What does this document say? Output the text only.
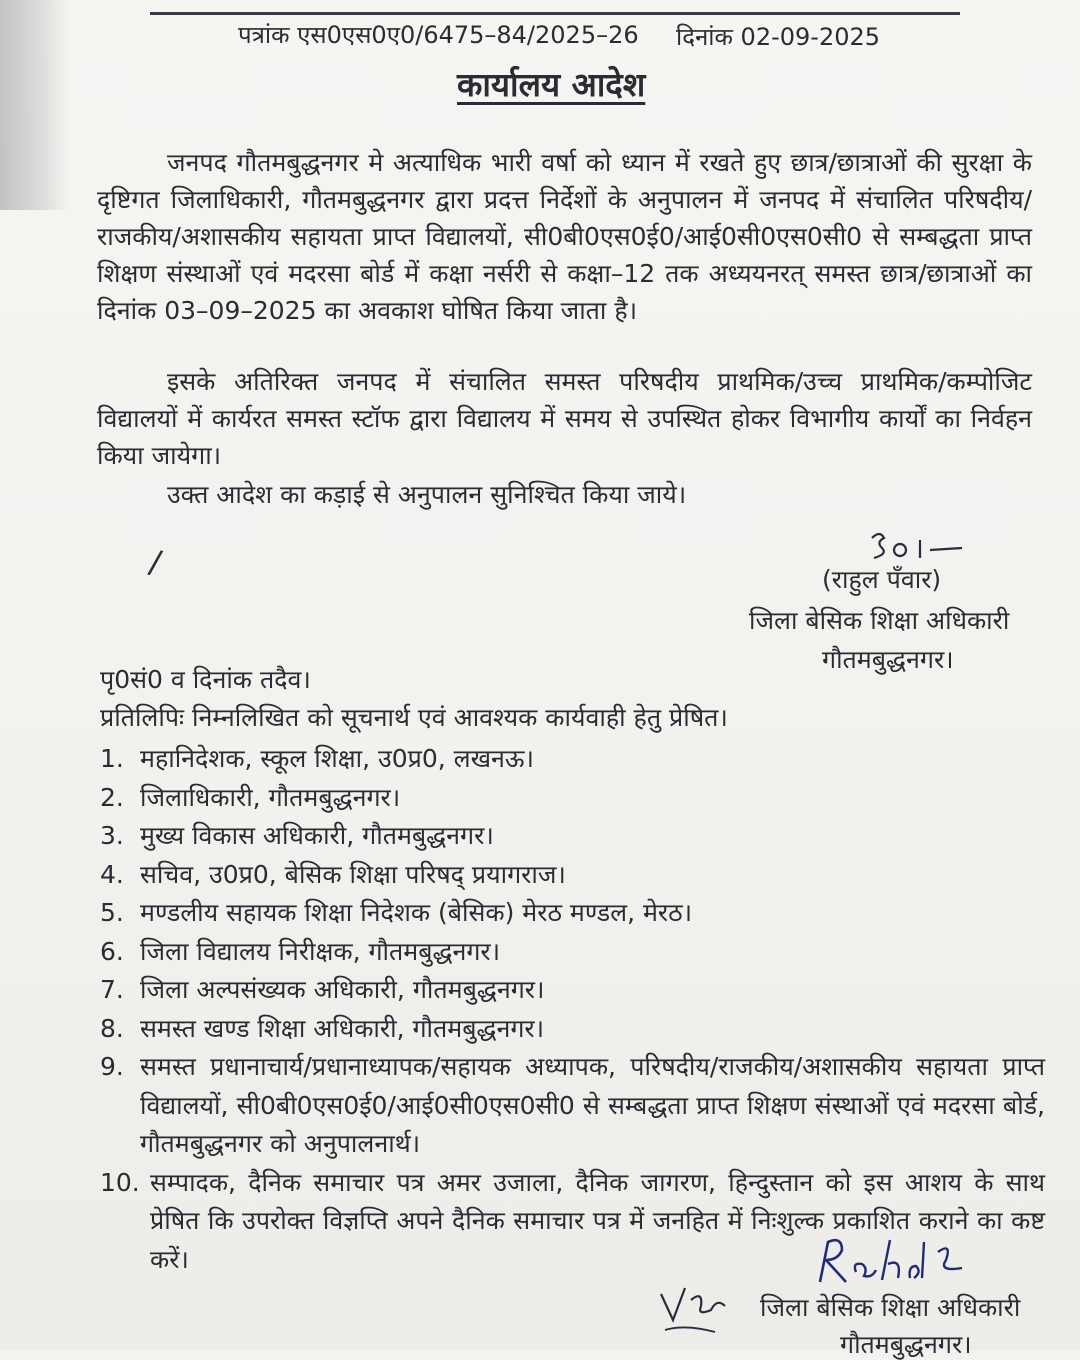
पत्रांक एस0एस0ए0/6475–84/2025–26 दिनांक 02-09-2025
कार्यालय आदेश
जनपद गौतमबुद्धनगर मे अत्याधिक भारी वर्षा को ध्यान में रखते हुए छात्र/छात्राओं की सुरक्षा के दृष्टिगत जिलाधिकारी, गौतमबुद्धनगर द्वारा प्रदत्त निर्देशों के अनुपालन में जनपद में संचालित परिषदीय/राजकीय/अशासकीय सहायता प्राप्त विद्यालयों, सी0बी0एस0ई0/आई0सी0एस0सी0 से सम्बद्धता प्राप्त शिक्षण संस्थाओं एवं मदरसा बोर्ड में कक्षा नर्सरी से कक्षा–12 तक अध्ययनरत् समस्त छात्र/छात्राओं का दिनांक 03–09–2025 का अवकाश घोषित किया जाता है।
इसके अतिरिक्त जनपद में संचालित समस्त परिषदीय प्राथमिक/उच्च प्राथमिक/कम्पोजिट विद्यालयों में कार्यरत समस्त स्टॉफ द्वारा विद्यालय में समय से उपस्थित होकर विभागीय कार्यों का निर्वहन किया जायेगा।
उक्त आदेश का कड़ाई से अनुपालन सुनिश्चित किया जाये।
/	(राहुल पँवार)
जिला बेसिक शिक्षा अधिकारी
गौतमबुद्धनगर।
पृ0सं0 व दिनांक तदैव।
प्रतिलिपिः निम्नलिखित को सूचनार्थ एवं आवश्यक कार्यवाही हेतु प्रेषित।
1. महानिदेशक, स्कूल शिक्षा, उ0प्र0, लखनऊ।
2. जिलाधिकारी, गौतमबुद्धनगर।
3. मुख्य विकास अधिकारी, गौतमबुद्धनगर।
4. सचिव, उ0प्र0, बेसिक शिक्षा परिषद् प्रयागराज।
5. मण्डलीय सहायक शिक्षा निदेशक (बेसिक) मेरठ मण्डल, मेरठ।
6. जिला विद्यालय निरीक्षक, गौतमबुद्धनगर।
7. जिला अल्पसंख्यक अधिकारी, गौतमबुद्धनगर।
8. समस्त खण्ड शिक्षा अधिकारी, गौतमबुद्धनगर।
9. समस्त प्रधानाचार्य/प्रधानाध्यापक/सहायक अध्यापक, परिषदीय/राजकीय/अशासकीय सहायता प्राप्त विद्यालयों, सी0बी0एस0ई0/आई0सी0एस0सी0 से सम्बद्धता प्राप्त शिक्षण संस्थाओं एवं मदरसा बोर्ड, गौतमबुद्धनगर को अनुपालनार्थ।
10. सम्पादक, दैनिक समाचार पत्र अमर उजाला, दैनिक जागरण, हिन्दुस्तान को इस आशय के साथ प्रेषित कि उपरोक्त विज्ञप्ति अपने दैनिक समाचार पत्र में जनहित में निःशुल्क प्रकाशित कराने का कष्ट करें।
जिला बेसिक शिक्षा अधिकारी
गौतमबुद्धनगर।
